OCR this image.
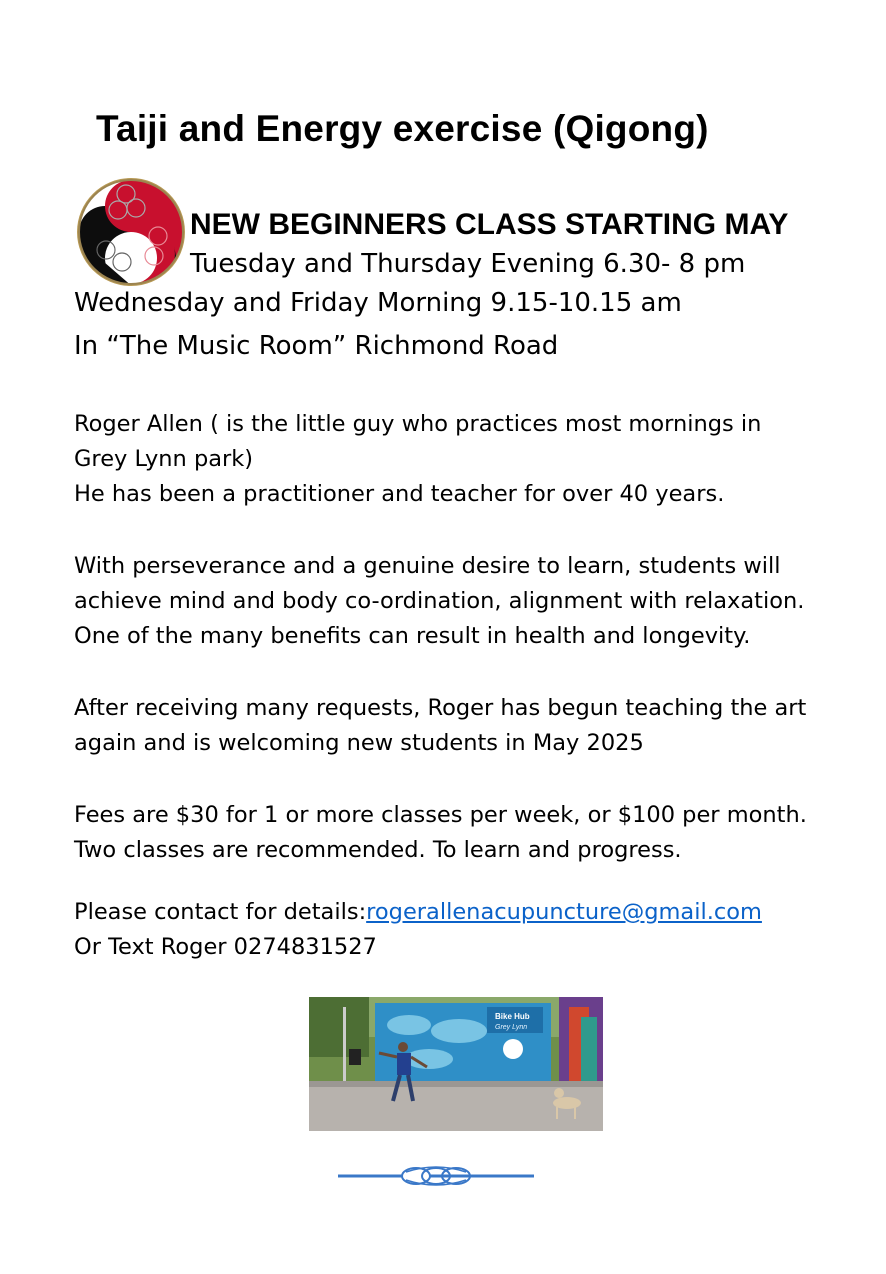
Taiji and Energy exercise (Qigong)
NEW BEGINNERS CLASS STARTING MAY
Tuesday and Thursday Evening 6.30- 8 pm
Wednesday and Friday Morning 9.15-10.15 am
In “The Music Room” Richmond Road

Roger Allen ( is the little guy who practices most mornings in

Grey Lynn park)

He has been a practitioner and teacher for over 40 years.

With perseverance and a genuine desire to learn, students will

achieve mind and body co-ordination, alignment with relaxation.

One of the many benefits can result in health and longevity.

After receiving many requests, Roger has begun teaching the art

again and is welcoming new students in May 2025

Fees are $30 for 1 or more classes per week, or $100 per month.

Two classes are recommended. To learn and progress.

Please contact for details:rogerallenacupuncture@gmail.com

Or Text Roger 0274831527

Bike Hub
Grey Lynn
